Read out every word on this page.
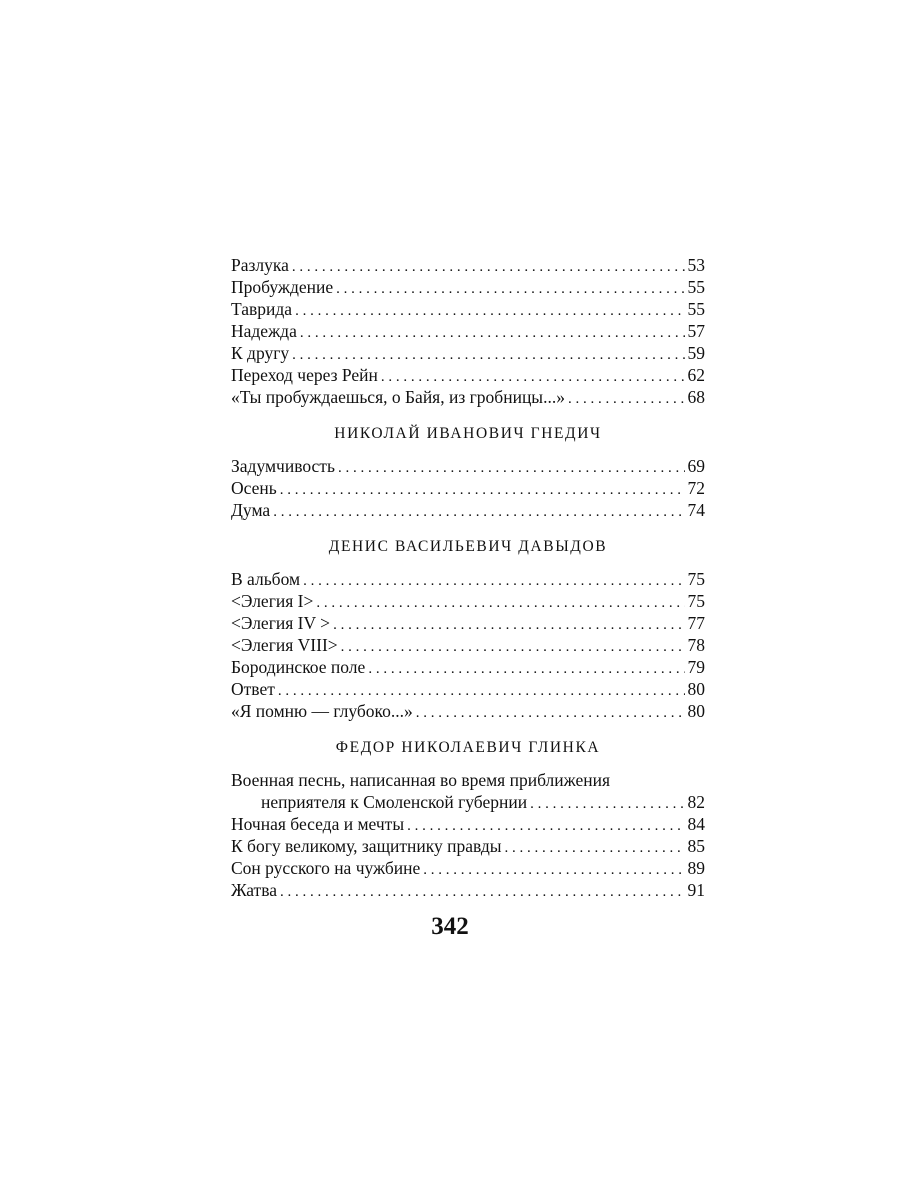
Разлука . . .	53
Пробуждение . . .	55
Таврида . . .	55
Надежда . . .	57
К другу . . .	59
Переход через Рейн . . .	62
«Ты пробуждаешься, о Байя, из гробницы...» . . .	68
НИКОЛАЙ ИВАНОВИЧ ГНЕДИЧ
Задумчивость . . .	69
Осень . . .	72
Дума . . .	74
ДЕНИС ВАСИЛЬЕВИЧ ДАВЫДОВ
В альбом . . .	75
<Элегия I> . . .	75
<Элегия IV > . . .	77
<Элегия VIII> . . .	78
Бородинское поле . . .	79
Ответ . . .	80
«Я помню — глубоко...» . . .	80
ФЕДОР НИКОЛАЕВИЧ ГЛИНКА
Военная песнь, написанная во время приближения
неприятеля к Смоленской губернии . . .	82
Ночная беседа и мечты . . .	84
К богу великому, защитнику правды . . .	85
Сон русского на чужбине . . .	89
Жатва . . .	91
342
